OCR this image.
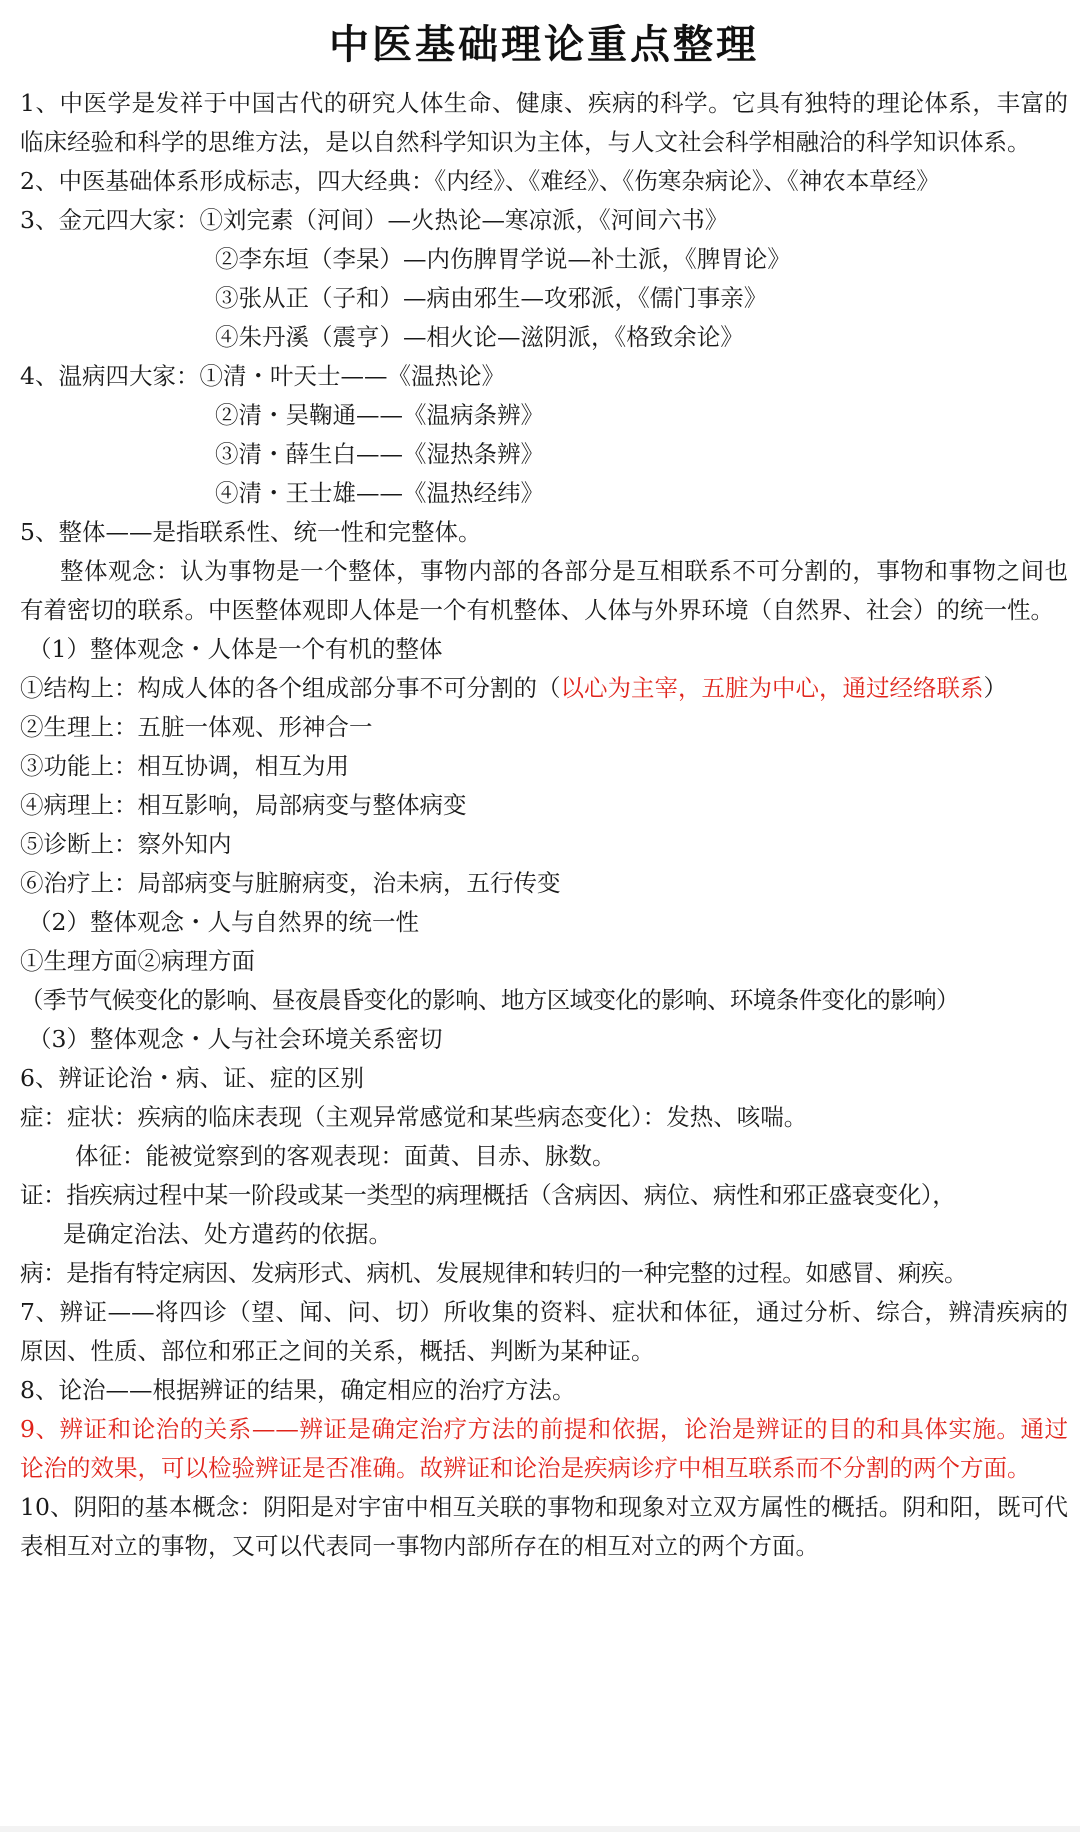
中医基础理论重点整理

1、中医学是发祥于中国古代的研究人体生命、健康、疾病的科学。它具有独特的理论体系，丰富的临床经验和科学的思维方法，是以自然科学知识为主体，与人文社会科学相融洽的科学知识体系。

2、中医基础体系形成标志，四大经典：《内经》、《难经》、《伤寒杂病论》、《神农本草经》

3、金元四大家：①刘完素（河间）—火热论—寒凉派，《河间六书》

②李东垣（李杲）—内伤脾胃学说—补土派，《脾胃论》

③张从正（子和）—病由邪生—攻邪派，《儒门事亲》

④朱丹溪（震亨）—相火论—滋阴派，《格致余论》

4、温病四大家：①清・叶天士——《温热论》

②清・吴鞠通——《温病条辨》

③清・薛生白——《湿热条辨》

④清・王士雄——《温热经纬》

5、整体——是指联系性、统一性和完整体。

整体观念：认为事物是一个整体，事物内部的各部分是互相联系不可分割的，事物和事物之间也有着密切的联系。中医整体观即人体是一个有机整体、人体与外界环境（自然界、社会）的统一性。

（1）整体观念・人体是一个有机的整体

①结构上：构成人体的各个组成部分事不可分割的（以心为主宰，五脏为中心，通过经络联系）

②生理上：五脏一体观、形神合一

③功能上：相互协调，相互为用

④病理上：相互影响，局部病变与整体病变

⑤诊断上：察外知内

⑥治疗上：局部病变与脏腑病变，治未病，五行传变

（2）整体观念・人与自然界的统一性

①生理方面②病理方面

（季节气候变化的影响、昼夜晨昏变化的影响、地方区域变化的影响、环境条件变化的影响）

（3）整体观念・人与社会环境关系密切

6、辨证论治・病、证、症的区别

症：症状：疾病的临床表现（主观异常感觉和某些病态变化）：发热、咳喘。

体征：能被觉察到的客观表现：面黄、目赤、脉数。

证：指疾病过程中某一阶段或某一类型的病理概括（含病因、病位、病性和邪正盛衰变化），

是确定治法、处方遣药的依据。

病：是指有特定病因、发病形式、病机、发展规律和转归的一种完整的过程。如感冒、痢疾。

7、辨证——将四诊（望、闻、问、切）所收集的资料、症状和体征，通过分析、综合，辨清疾病的原因、性质、部位和邪正之间的关系，概括、判断为某种证。

8、论治——根据辨证的结果，确定相应的治疗方法。

9、辨证和论治的关系——辨证是确定治疗方法的前提和依据，论治是辨证的目的和具体实施。通过论治的效果，可以检验辨证是否准确。故辨证和论治是疾病诊疗中相互联系而不分割的两个方面。

10、阴阳的基本概念：阴阳是对宇宙中相互关联的事物和现象对立双方属性的概括。阴和阳，既可代表相互对立的事物，又可以代表同一事物内部所存在的相互对立的两个方面。
